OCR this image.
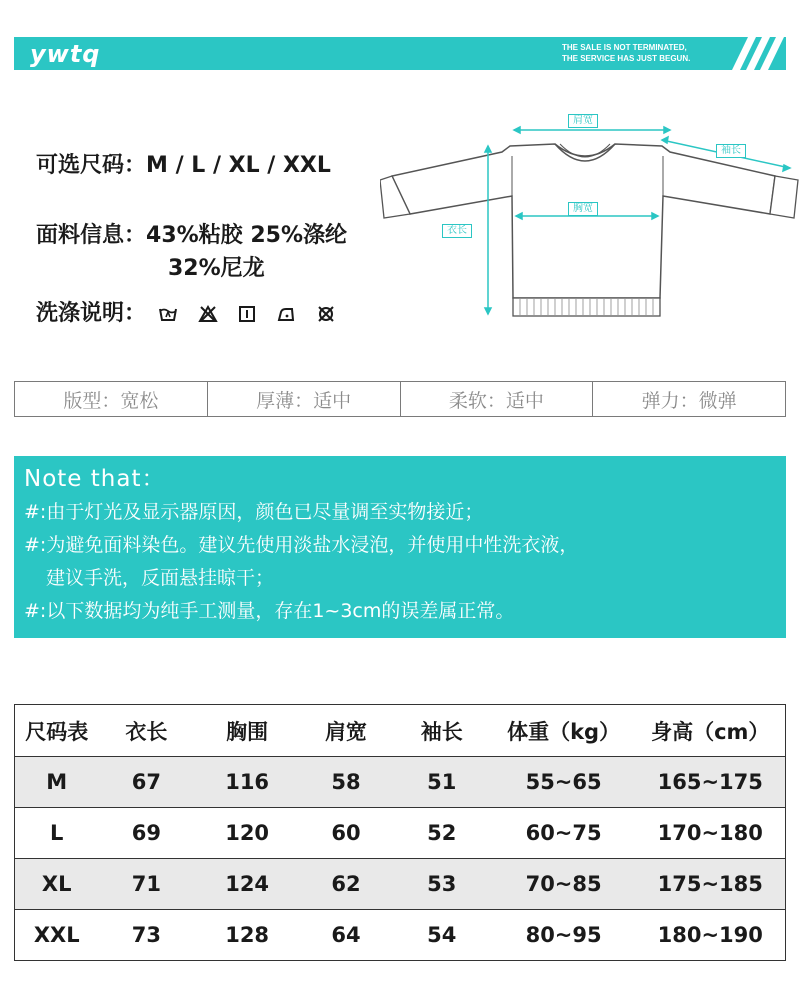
ywtq	THE SALE IS NOT TERMINATED,
THE SERVICE HAS JUST BEGUN.
可选尺码：M / L / XL / XXL
面料信息：43%粘胶 25%涤纶
32%尼龙
洗涤说明：
肩宽
袖长
胸宽
衣长
版型：宽松	厚薄：适中	柔软：适中	弹力：微弹
Note that：
#:由于灯光及显示器原因，颜色已尽量调至实物接近；
#:为避免面料染色。建议先使用淡盐水浸泡，并使用中性洗衣液，
建议手洗，反面悬挂晾干；
#:以下数据均为纯手工测量，存在1~3cm的误差属正常。
尺码表	衣长	胸围	肩宽	袖长	体重（kg）	身高（cm）
M	67	116	58	51	55~65	165~175
L	69	120	60	52	60~75	170~180
XL	71	124	62	53	70~85	175~185
XXL	73	128	64	54	80~95	180~190
